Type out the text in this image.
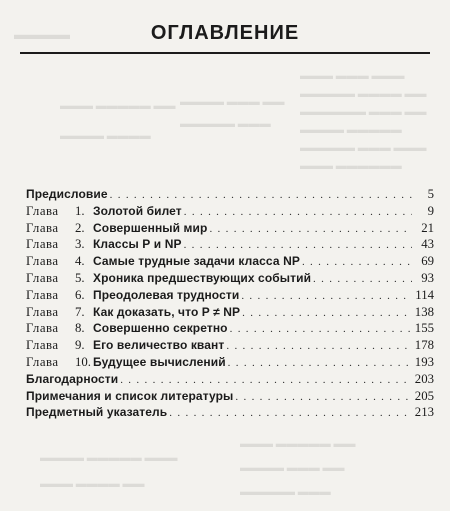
▬▬▬▬
▬▬▬ ▬▬▬ ▬▬▬
▬▬▬▬▬ ▬▬▬▬ ▬▬
▬▬▬▬▬▬ ▬▬▬ ▬▬
▬▬▬▬ ▬▬▬▬▬
▬▬▬▬▬ ▬▬▬ ▬▬▬
▬▬▬ ▬▬▬▬▬▬
▬▬▬▬ ▬▬▬ ▬▬
▬▬▬▬▬ ▬▬▬
▬▬▬ ▬▬▬▬▬ ▬▬
▬▬▬▬ ▬▬▬▬
▬▬▬ ▬▬▬▬▬ ▬▬
▬▬▬▬ ▬▬▬▬▬ ▬▬▬
▬▬▬▬ ▬▬▬ ▬▬
▬▬▬ ▬▬▬▬ ▬▬
▬▬▬▬▬ ▬▬▬
ОГЛАВЛЕНИЕ
Предисловие . . .	5
Глава	1. Золотой билет . . .	9
Глава	2. Совершенный мир . . .	21
Глава	3. Классы Р и NP . . .	43
Глава	4. Самые трудные задачи класса NP . . .	69
Глава	5. Хроника предшествующих событий . . .	93
Глава	6. Преодолевая трудности . . .	114
Глава	7. Как доказать, что P ≠ NP . . .	138
Глава	8. Совершенно секретно . . .	155
Глава	9. Его величество квант . . .	178
Глава	10. Будущее вычислений . . .	193
Благодарности . . .	203
Примечания и список литературы . . .	205
Предметный указатель . . .	213
